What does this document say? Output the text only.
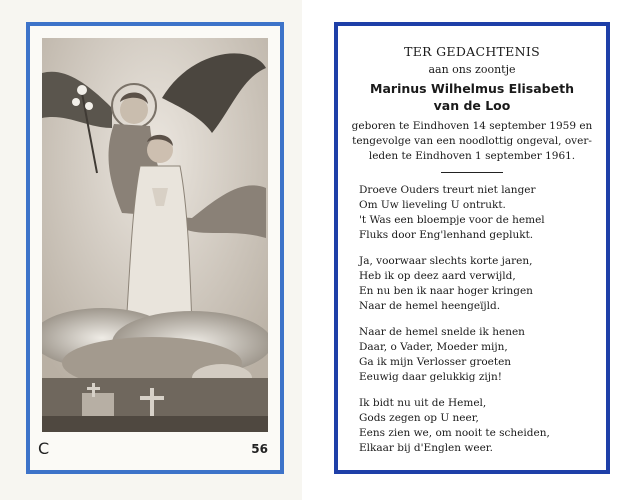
C	56
TER GEDACHTENIS
aan ons zoontje
Marinus Wilhelmus Elisabeth
van de Loo
geboren te Eindhoven 14 september 1959 en
tengevolge van een noodlottig ongeval, over-
leden te Eindhoven 1 september 1961.
Droeve Ouders treurt niet langer
Om Uw lieveling U ontrukt.
't Was een bloempje voor de hemel
Fluks door Eng'lenhand geplukt.
Ja, voorwaar slechts korte jaren,
Heb ik op deez aard verwijld,
En nu ben ik naar hoger kringen
Naar de hemel heengeïjld.
Naar de hemel snelde ik henen
Daar, o Vader, Moeder mijn,
Ga ik mijn Verlosser groeten
Eeuwig daar gelukkig zijn!
Ik bidt nu uit de Hemel,
Gods zegen op U neer,
Eens zien we, om nooit te scheiden,
Elkaar bij d'Englen weer.
